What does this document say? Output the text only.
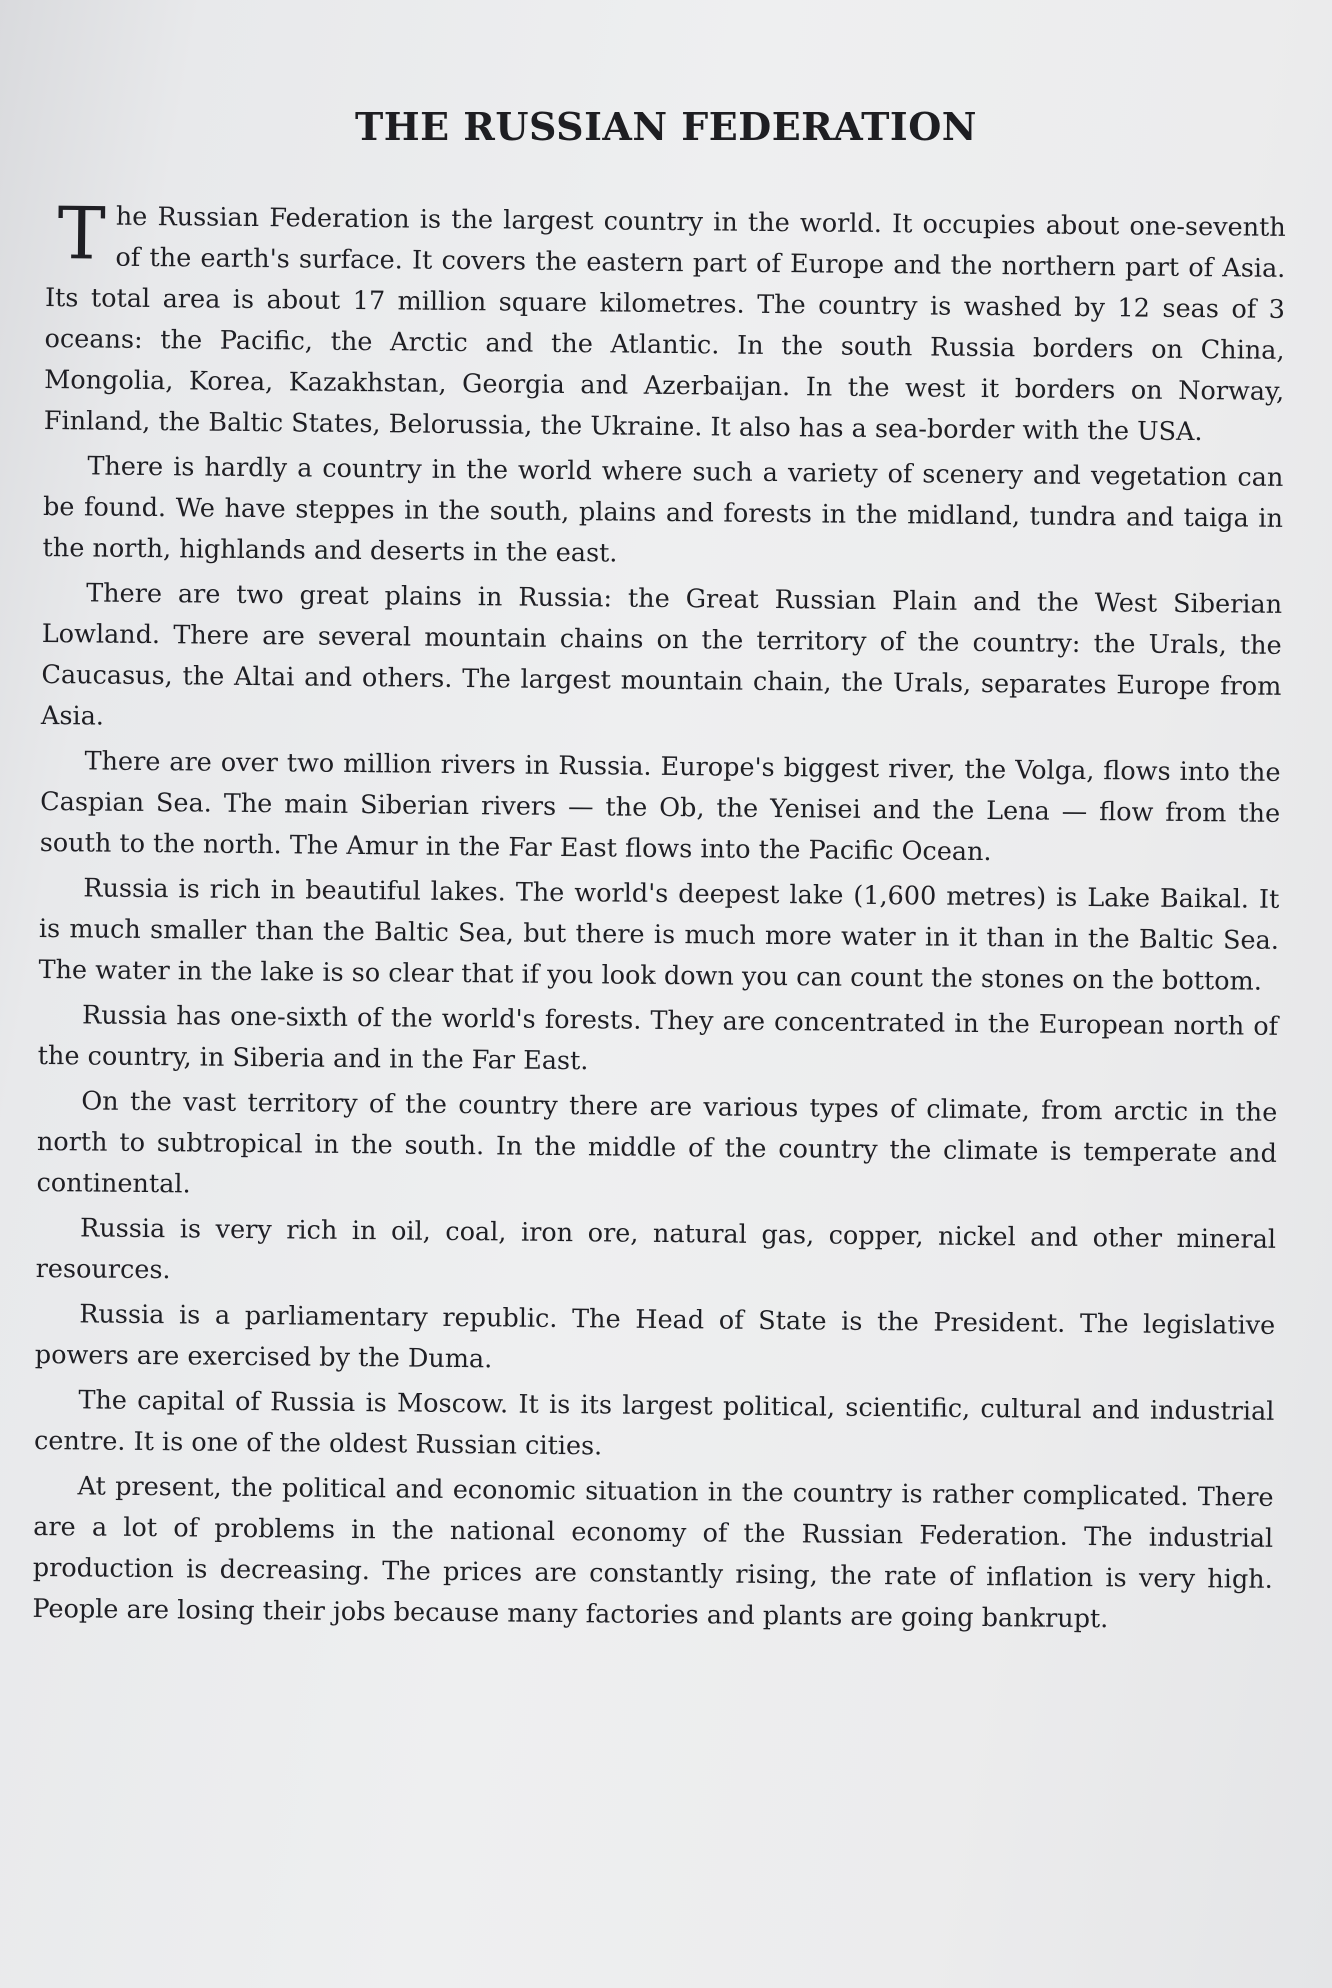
THE RUSSIAN FEDERATION

The Russian Federation is the largest country in the world. It occupies about one-seventh of the earth's surface. It covers the eastern part of Europe and the northern part of Asia. Its total area is about 17 million square kilometres. The country is washed by 12 seas of 3 oceans: the Pacific, the Arctic and the Atlantic. In the south Russia borders on China, Mongolia, Korea, Kazakhstan, Georgia and Azerbaijan. In the west it borders on Norway, Finland, the Baltic States, Belorussia, the Ukraine. It also has a sea-border with the USA.

There is hardly a country in the world where such a variety of scenery and vegetation can be found. We have steppes in the south, plains and forests in the midland, tundra and taiga in the north, highlands and deserts in the east.

There are two great plains in Russia: the Great Russian Plain and the West Siberian Lowland. There are several mountain chains on the territory of the country: the Urals, the Caucasus, the Altai and others. The largest mountain chain, the Urals, separates Europe from Asia.

There are over two million rivers in Russia. Europe's biggest river, the Volga, flows into the Caspian Sea. The main Siberian rivers — the Ob, the Yenisei and the Lena — flow from the south to the north. The Amur in the Far East flows into the Pacific Ocean.

Russia is rich in beautiful lakes. The world's deepest lake (1,600 metres) is Lake Baikal. It is much smaller than the Baltic Sea, but there is much more water in it than in the Baltic Sea. The water in the lake is so clear that if you look down you can count the stones on the bottom.

Russia has one-sixth of the world's forests. They are concentrated in the European north of the country, in Siberia and in the Far East.

On the vast territory of the country there are various types of climate, from arctic in the north to subtropical in the south. In the middle of the country the climate is temperate and continental.

Russia is very rich in oil, coal, iron ore, natural gas, copper, nickel and other mineral resources.

Russia is a parliamentary republic. The Head of State is the President. The legislative powers are exercised by the Duma.

The capital of Russia is Moscow. It is its largest political, scientific, cultural and industrial centre. It is one of the oldest Russian cities.

At present, the political and economic situation in the country is rather complicated. There are a lot of problems in the national economy of the Russian Federation. The industrial production is decreasing. The prices are constantly rising, the rate of inflation is very high. People are losing their jobs because many factories and plants are going bankrupt.
